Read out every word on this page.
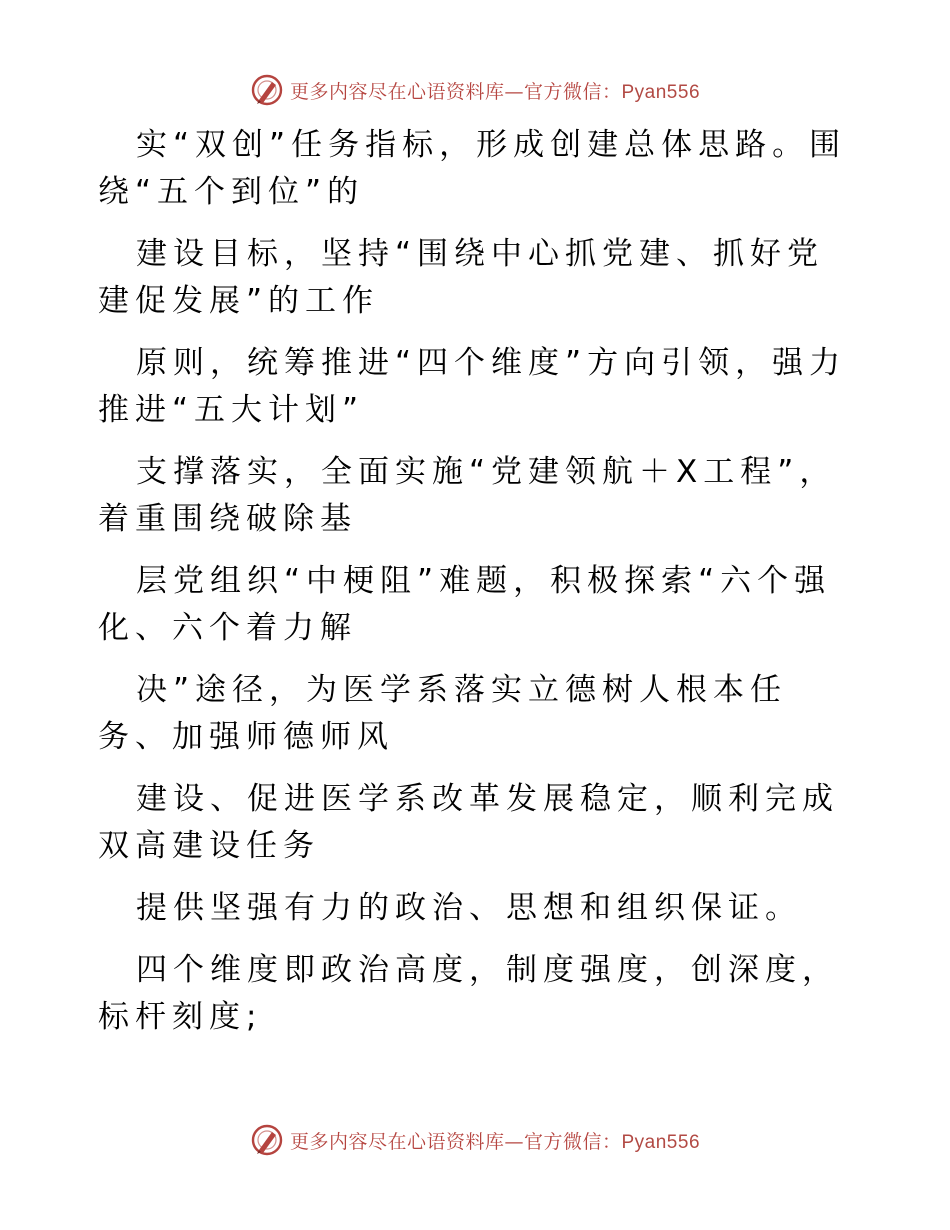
更多内容尽在心语资料库—官方微信：Pyan556

实“双创”任务指标，形成创建总体思路。围绕“五个到位”的

建设目标，坚持“围绕中心抓党建、抓好党建促发展”的工作

原则，统筹推进“四个维度”方向引领，强力推进“五大计划”

支撑落实，全面实施“党建领航＋X工程”，着重围绕破除基

层党组织“中梗阻”难题，积极探索“六个强化、六个着力解

决”途径，为医学系落实立德树人根本任务、加强师德师风

建设、促进医学系改革发展稳定，顺利完成双高建设任务

提供坚强有力的政治、思想和组织保证。

四个维度即政治高度，制度强度，创深度，标杆刻度;

更多内容尽在心语资料库—官方微信：Pyan556
